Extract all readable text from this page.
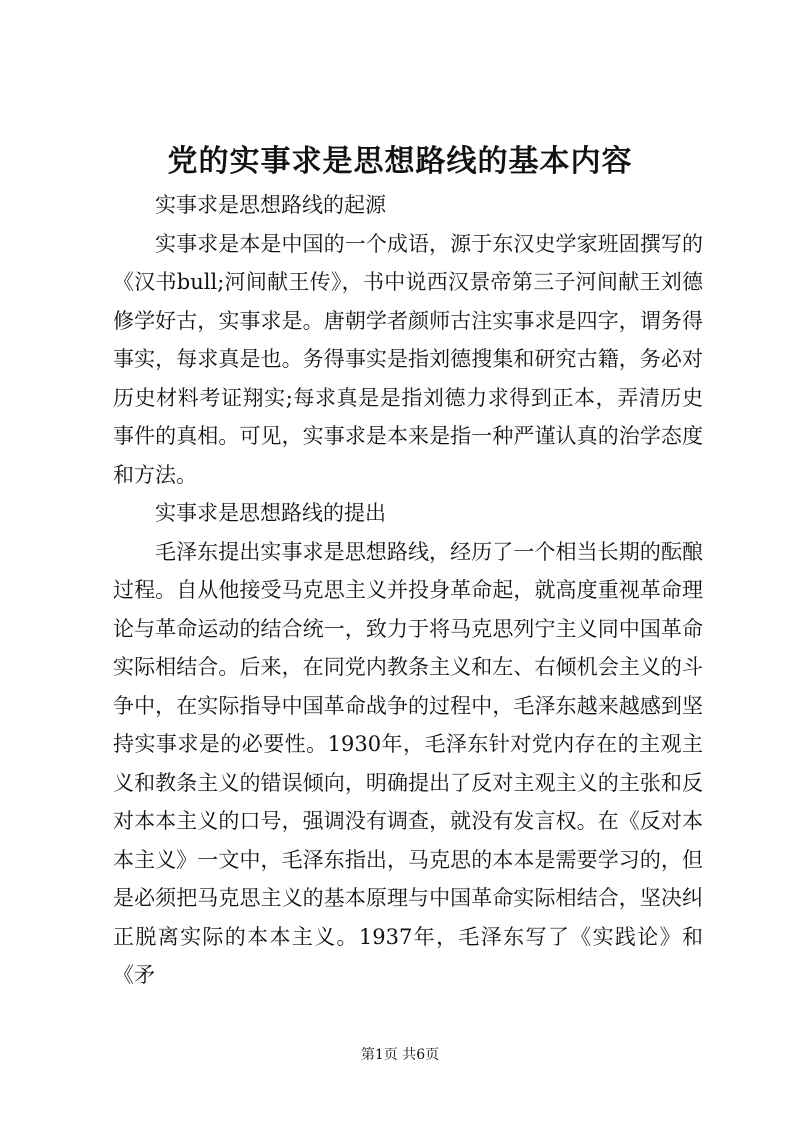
党的实事求是思想路线的基本内容

实事求是思想路线的起源

实事求是本是中国的一个成语，源于东汉史学家班固撰写的《汉书bull;河间献王传》，书中说西汉景帝第三子河间献王刘德修学好古，实事求是。唐朝学者颜师古注实事求是四字，谓务得事实，每求真是也。务得事实是指刘德搜集和研究古籍，务必对历史材料考证翔实;每求真是是指刘德力求得到正本，弄清历史事件的真相。可见，实事求是本来是指一种严谨认真的治学态度和方法。

实事求是思想路线的提出

毛泽东提出实事求是思想路线，经历了一个相当长期的酝酿过程。自从他接受马克思主义并投身革命起，就高度重视革命理论与革命运动的结合统一，致力于将马克思列宁主义同中国革命实际相结合。后来，在同党内教条主义和左、右倾机会主义的斗争中，在实际指导中国革命战争的过程中，毛泽东越来越感到坚持实事求是的必要性。1930年，毛泽东针对党内存在的主观主义和教条主义的错误倾向，明确提出了反对主观主义的主张和反对本本主义的口号，强调没有调查，就没有发言权。在《反对本本主义》一文中，毛泽东指出，马克思的本本是需要学习的，但是必须把马克思主义的基本原理与中国革命实际相结合，坚决纠正脱离实际的本本主义。1937年，毛泽东写了《实践论》和《矛

第1页 共6页
